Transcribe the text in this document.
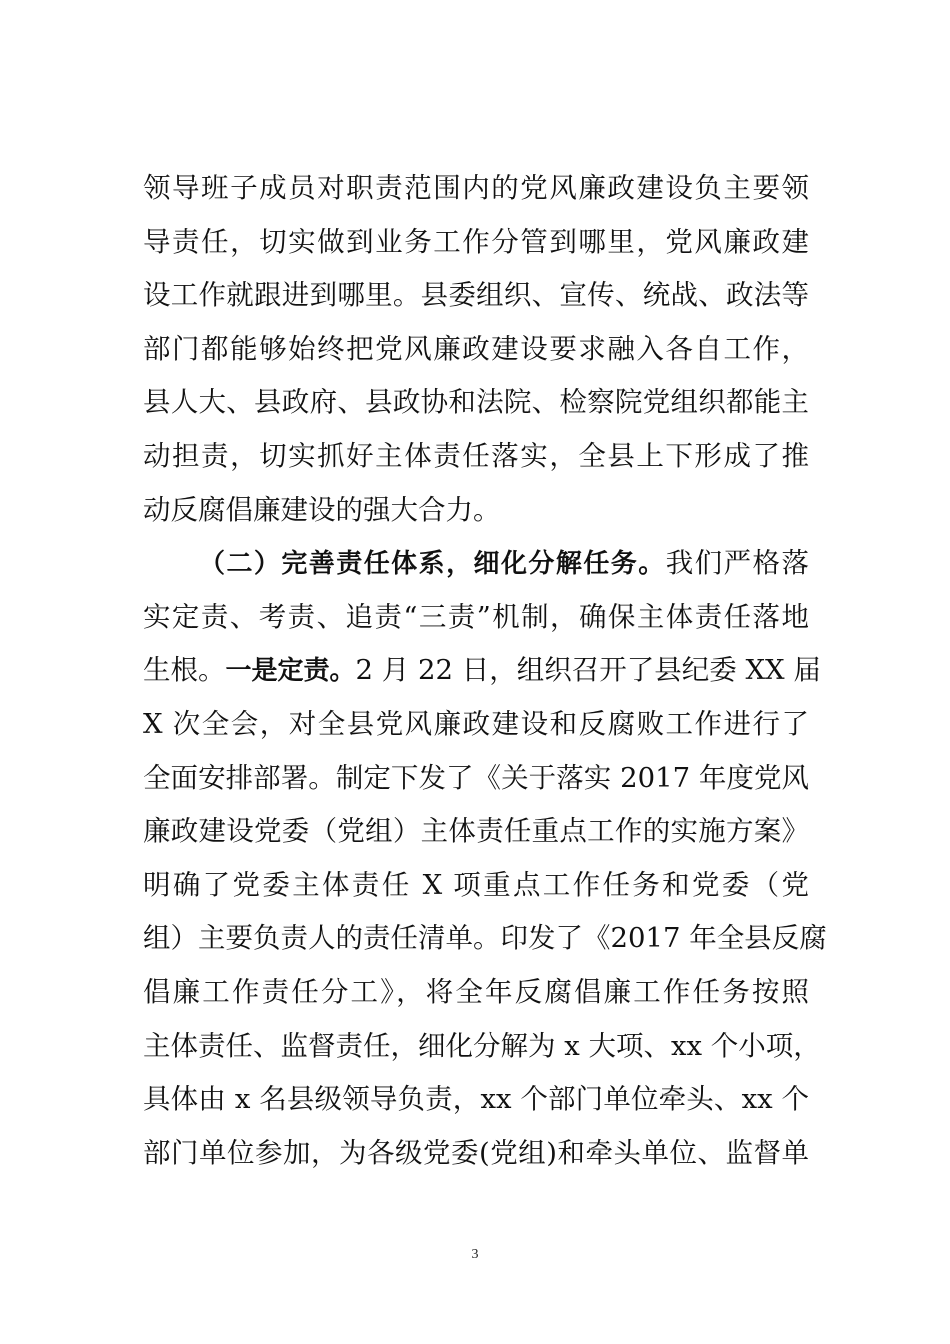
领导班子成员对职责范围内的党风廉政建设负主要领
导责任，切实做到业务工作分管到哪里，党风廉政建
设工作就跟进到哪里。县委组织、宣传、统战、政法等
部门都能够始终把党风廉政建设要求融入各自工作，
县人大、县政府、县政协和法院、检察院党组织都能主
动担责，切实抓好主体责任落实，全县上下形成了推
动反腐倡廉建设的强大合力。
（二）完善责任体系，细化分解任务。我们严格落
实定责、考责、追责“三责”机制，确保主体责任落地
生根。一是定责。2 月 22 日，组织召开了县纪委 XX 届
X 次全会，对全县党风廉政建设和反腐败工作进行了
全面安排部署。制定下发了《关于落实 2017 年度党风
廉政建设党委（党组）主体责任重点工作的实施方案》
明确了党委主体责任 X 项重点工作任务和党委（党
组）主要负责人的责任清单。印发了《2017 年全县反腐
倡廉工作责任分工》，将全年反腐倡廉工作任务按照
主体责任、监督责任，细化分解为 x 大项、xx 个小项，
具体由 x 名县级领导负责，xx 个部门单位牵头、xx 个
部门单位参加，为各级党委(党组)和牵头单位、监督单
3
